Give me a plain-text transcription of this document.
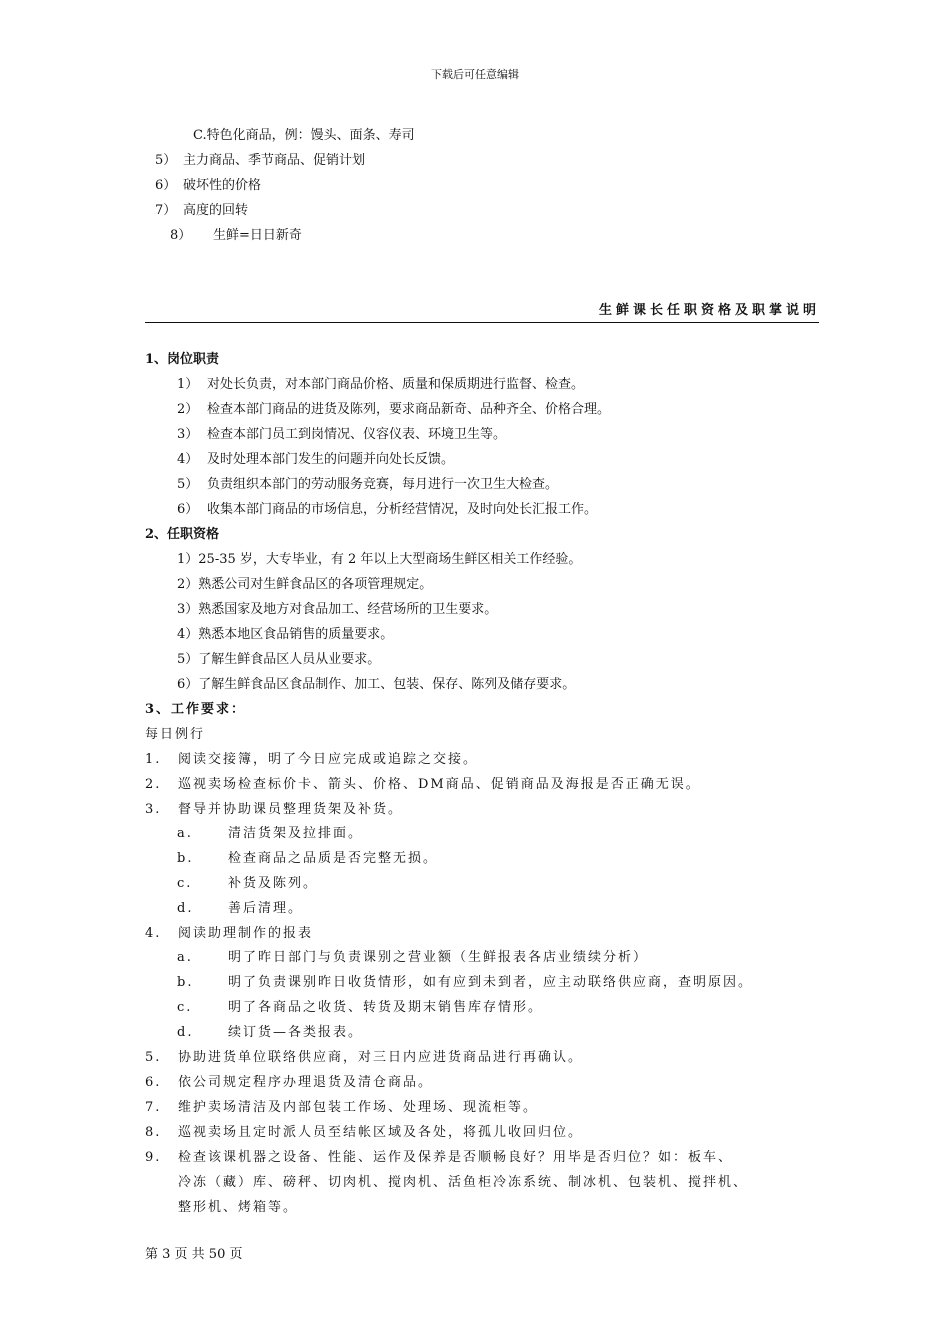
下载后可任意编辑
C.特色化商品，例：馒头、面条、寿司
5） 主力商品、季节商品、促销计划
6） 破坏性的价格
7） 高度的回转
8） 生鲜=日日新奇
生鲜课长任职资格及职掌说明
1、岗位职责
1） 对处长负责，对本部门商品价格、质量和保质期进行监督、检查。
2） 检查本部门商品的进货及陈列，要求商品新奇、品种齐全、价格合理。
3） 检查本部门员工到岗情况、仪容仪表、环境卫生等。
4） 及时处理本部门发生的问题并向处长反馈。
5） 负责组织本部门的劳动服务竞赛，每月进行一次卫生大检查。
6） 收集本部门商品的市场信息，分析经营情况，及时向处长汇报工作。
2、任职资格
1）25-35 岁，大专毕业，有 2 年以上大型商场生鲜区相关工作经验。
2）熟悉公司对生鲜食品区的各项管理规定。
3）熟悉国家及地方对食品加工、经营场所的卫生要求。
4）熟悉本地区食品销售的质量要求。
5）了解生鲜食品区人员从业要求。
6）了解生鲜食品区食品制作、加工、包装、保存、陈列及储存要求。
3、工作要求：
每日例行
1. 阅读交接簿，明了今日应完成或追踪之交接。
2. 巡视卖场检查标价卡、箭头、价格、DM商品、促销商品及海报是否正确无误。
3. 督导并协助课员整理货架及补货。
a.	清洁货架及拉排面。
b.	检查商品之品质是否完整无损。
c.	补货及陈列。
d.	善后清理。
4. 阅读助理制作的报表
a.	明了昨日部门与负责课别之营业额（生鲜报表各店业绩续分析）
b.	明了负责课别昨日收货情形，如有应到未到者，应主动联络供应商，查明原因。
c.	明了各商品之收货、转货及期末销售库存情形。
d.	续订货—各类报表。
5. 协助进货单位联络供应商，对三日内应进货商品进行再确认。
6. 依公司规定程序办理退货及清仓商品。
7. 维护卖场清洁及内部包装工作场、处理场、现流柜等。
8. 巡视卖场且定时派人员至结帐区域及各处，将孤儿收回归位。
9. 检查该课机器之设备、性能、运作及保养是否顺畅良好？用毕是否归位？如：板车、
冷冻（藏）库、磅秤、切肉机、搅肉机、活鱼柜冷冻系统、制冰机、包装机、搅拌机、
整形机、烤箱等。
第 3 页 共 50 页
